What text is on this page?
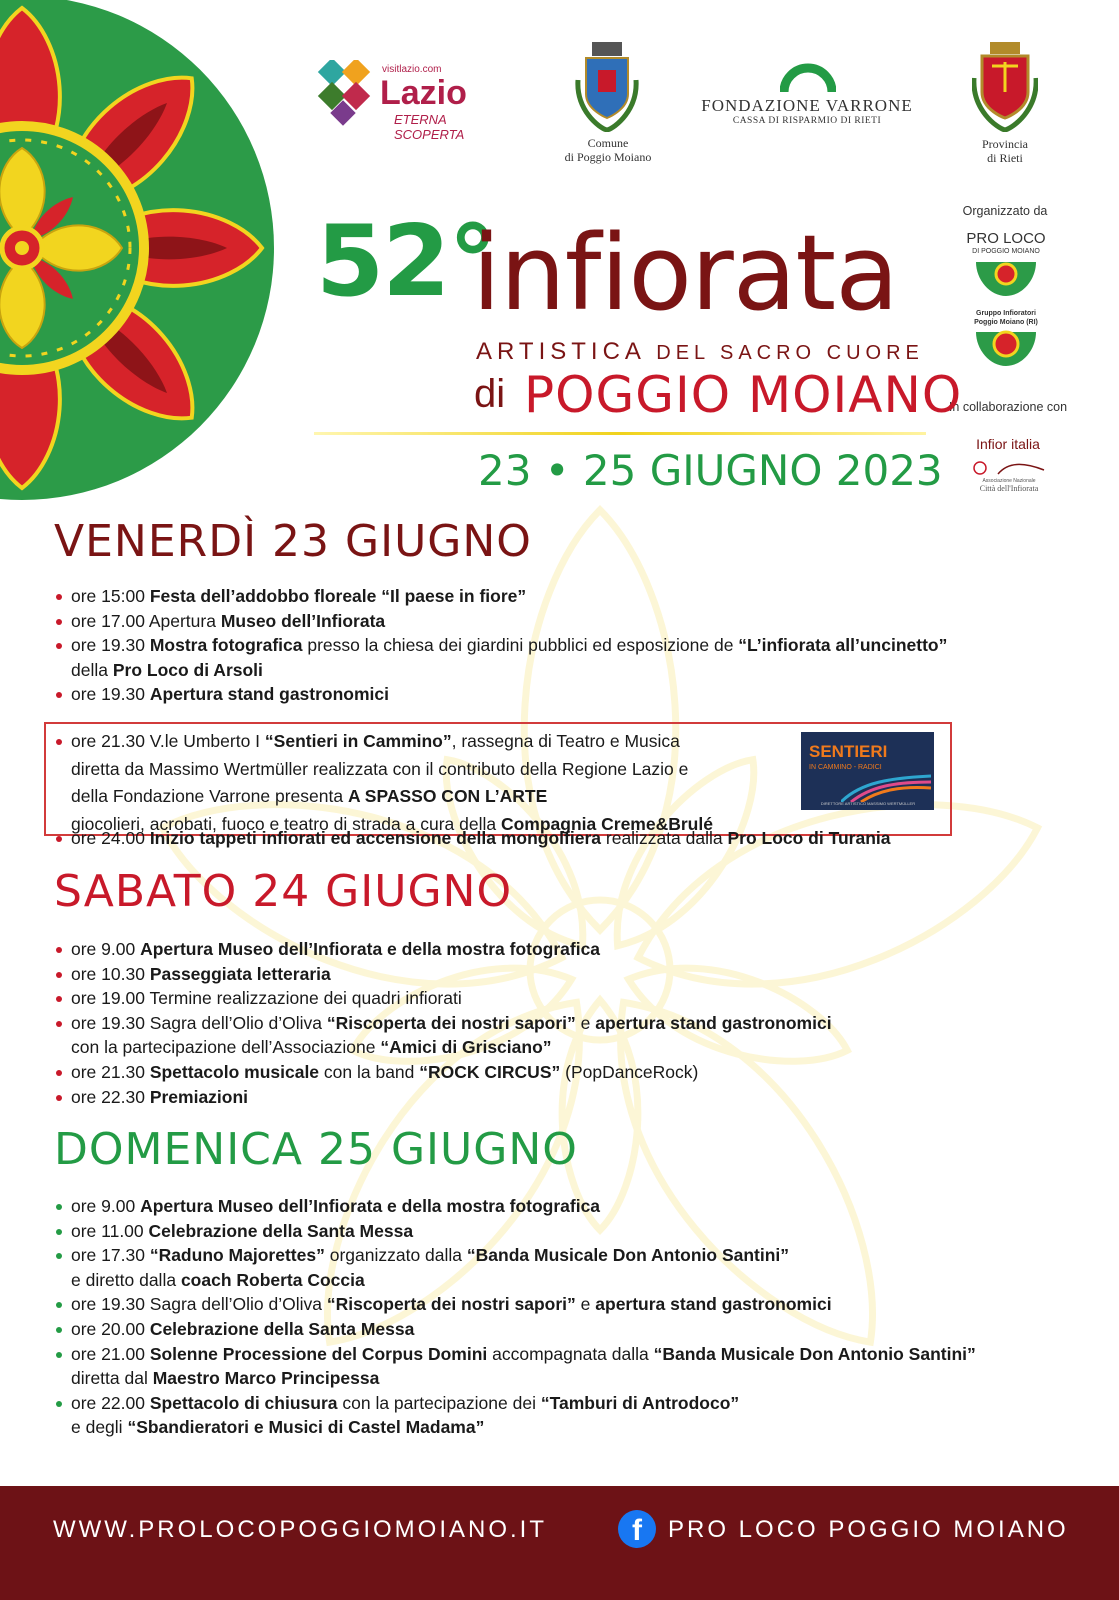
visitlazio.com
Lazio
ETERNA SCOPERTA
Comune
di Poggio Moiano
FONDAZIONE VARRONE
CASSA DI RISPARMIO DI RIETI
Provincia
di Rieti
Organizzato da
PRO LOCO
DI POGGIO MOIANO
Gruppo Infioratori
Poggio Moiano (RI)
In collaborazione con
Infior italia
Associazione Nazionale
Città dell'Infiorata
52°
infiorata
ARTISTICA DEL SACRO CUORE
di POGGIO MOIANO
23 • 25 GIUGNO 2023
VENERDÌ 23 GIUGNO
ore 15:00 Festa dell’addobbo floreale “Il paese in fiore”
ore 17.00 Apertura Museo dell’Infiorata
ore 19.30 Mostra fotografica presso la chiesa dei giardini pubblici ed esposizione de “L’infiorata all’uncinetto”
della Pro Loco di Arsoli
ore 19.30 Apertura stand gastronomici
ore 21.30 V.le Umberto I “Sentieri in Cammino”, rassegna di Teatro e Musica
diretta da Massimo Wertmüller realizzata con il contributo della Regione Lazio e
della Fondazione Varrone presenta A SPASSO CON L’ARTE
giocolieri, acrobati, fuoco e teatro di strada a cura della Compagnia Creme&Brulé
SENTIERI
IN CAMMINO - RADICI
DIRETTORE ARTISTICO MASSIMO WERTMÜLLER
ore 24.00 Inizio tappeti infiorati ed accensione della mongolfiera realizzata dalla Pro Loco di Turania
SABATO 24 GIUGNO
ore 9.00 Apertura Museo dell’Infiorata e della mostra fotografica
ore 10.30 Passeggiata letteraria
ore 19.00 Termine realizzazione dei quadri infiorati
ore 19.30 Sagra dell’Olio d’Oliva “Riscoperta dei nostri sapori” e apertura stand gastronomici
con la partecipazione dell’Associazione “Amici di Grisciano”
ore 21.30 Spettacolo musicale con la band “ROCK CIRCUS” (PopDanceRock)
ore 22.30 Premiazioni
DOMENICA 25 GIUGNO
ore 9.00 Apertura Museo dell’Infiorata e della mostra fotografica
ore 11.00 Celebrazione della Santa Messa
ore 17.30 “Raduno Majorettes” organizzato dalla “Banda Musicale Don Antonio Santini”
e diretto dalla coach Roberta Coccia
ore 19.30 Sagra dell’Olio d’Oliva “Riscoperta dei nostri sapori” e apertura stand gastronomici
ore 20.00 Celebrazione della Santa Messa
ore 21.00 Solenne Processione del Corpus Domini accompagnata dalla “Banda Musicale Don Antonio Santini”
diretta dal Maestro Marco Principessa
ore 22.00 Spettacolo di chiusura con la partecipazione dei “Tamburi di Antrodoco”
e degli “Sbandieratori e Musici di Castel Madama”
WWW.PROLOCOPOGGIOMOIANO.IT	f	PRO LOCO POGGIO MOIANO
